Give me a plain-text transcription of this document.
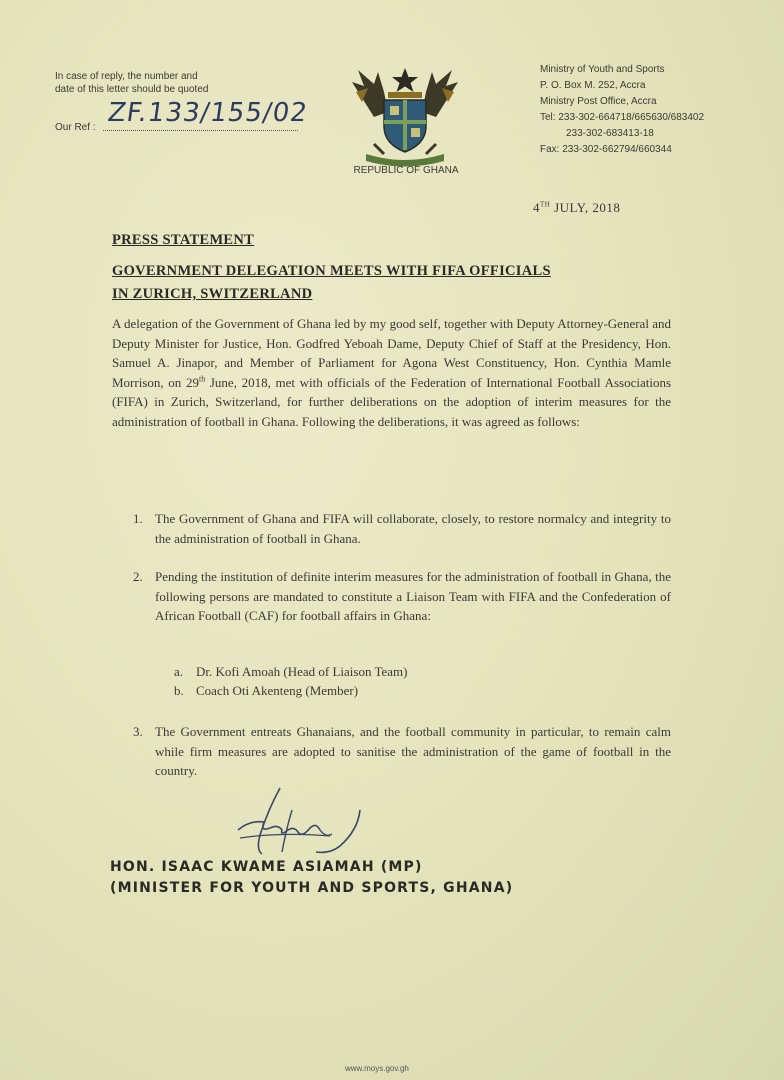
In case of reply, the number and
date of this letter should be quoted
Our Ref : ZF.133/155/02
REPUBLIC OF GHANA
Ministry of Youth and Sports
P. O. Box M. 252, Accra
Ministry Post Office, Accra
Tel: 233-302-664718/665630/683402
233-302-683413-18
Fax: 233-302-662794/660344
4TH JULY, 2018
PRESS STATEMENT
GOVERNMENT DELEGATION MEETS WITH FIFA OFFICIALS
IN ZURICH, SWITZERLAND
A delegation of the Government of Ghana led by my good self, together with Deputy Attorney-General and Deputy Minister for Justice, Hon. Godfred Yeboah Dame, Deputy Chief of Staff at the Presidency, Hon. Samuel A. Jinapor, and Member of Parliament for Agona West Constituency, Hon. Cynthia Mamle Morrison, on 29th June, 2018, met with officials of the Federation of International Football Associations (FIFA) in Zurich, Switzerland, for further deliberations on the adoption of interim measures for the administration of football in Ghana. Following the deliberations, it was agreed as follows:
1. The Government of Ghana and FIFA will collaborate, closely, to restore normalcy and integrity to the administration of football in Ghana.
2. Pending the institution of definite interim measures for the administration of football in Ghana, the following persons are mandated to constitute a Liaison Team with FIFA and the Confederation of African Football (CAF) for football affairs in Ghana:
a. Dr. Kofi Amoah (Head of Liaison Team)
b. Coach Oti Akenteng (Member)
3. The Government entreats Ghanaians, and the football community in particular, to remain calm while firm measures are adopted to sanitise the administration of the game of football in the country.
HON. ISAAC KWAME ASIAMAH (MP)
(MINISTER FOR YOUTH AND SPORTS, GHANA)
www.moys.gov.gh
